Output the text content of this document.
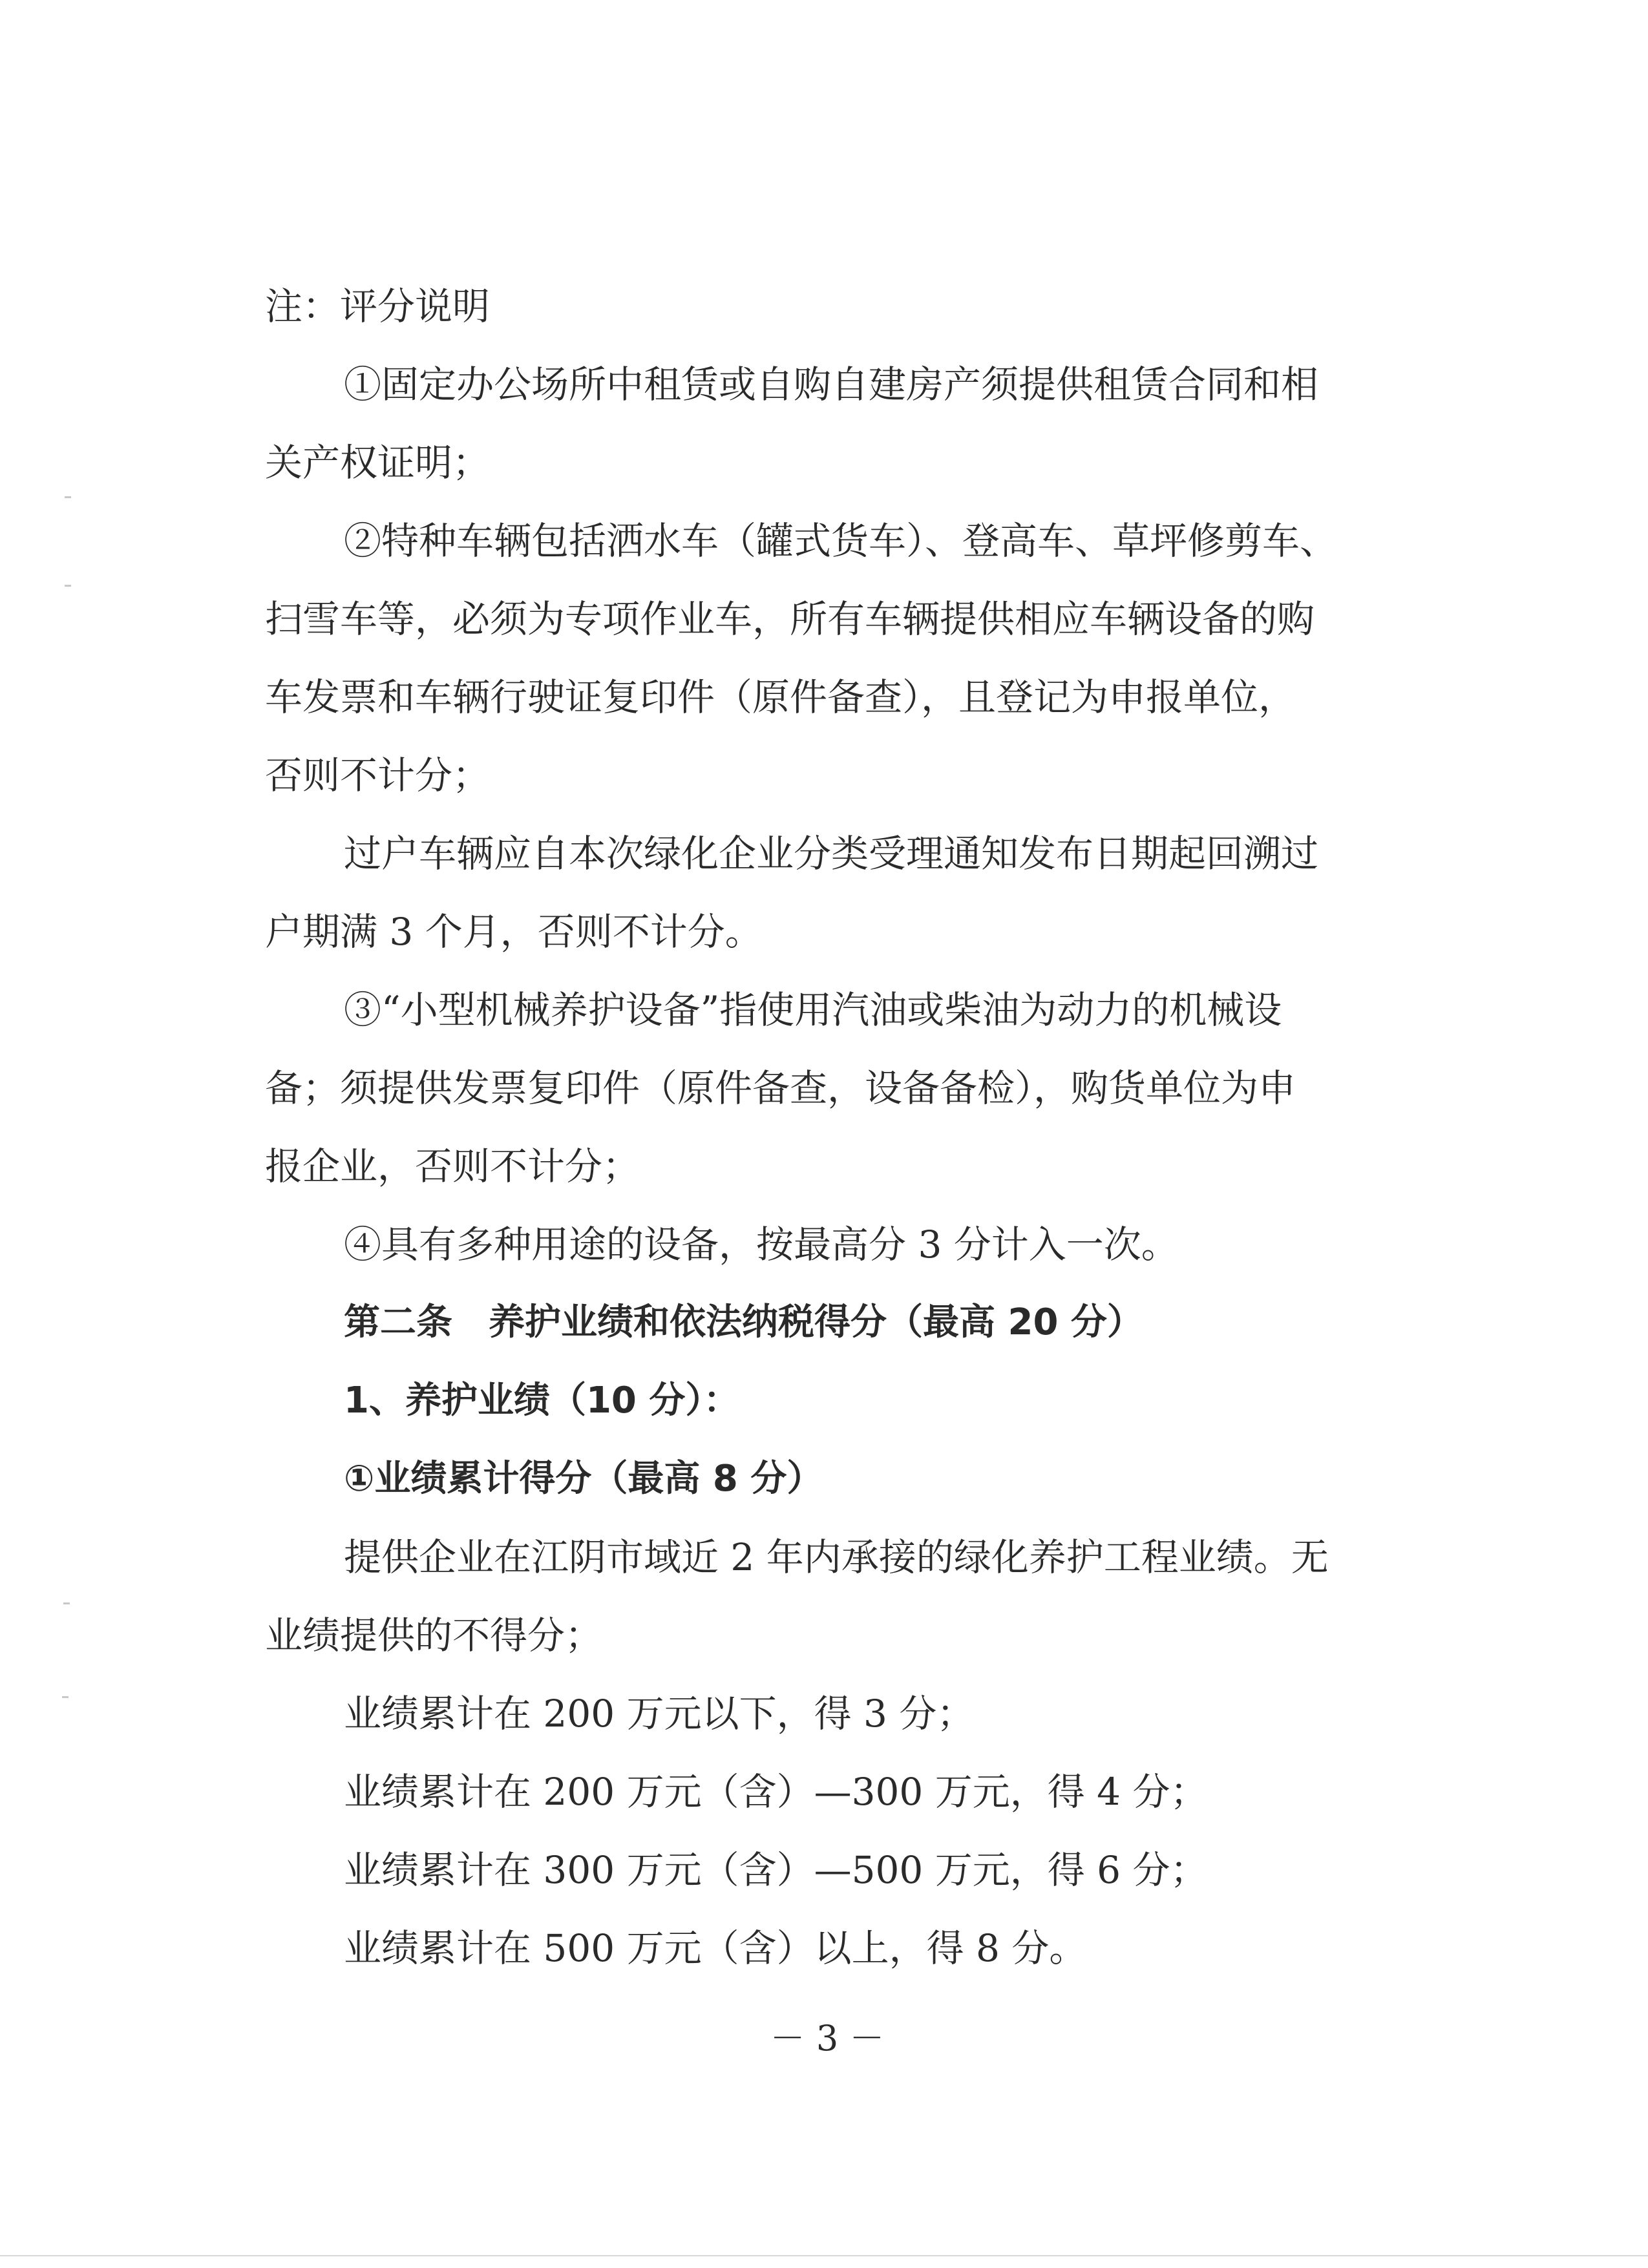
注：评分说明
①固定办公场所中租赁或自购自建房产须提供租赁合同和相
关产权证明；
②特种车辆包括洒水车（罐式货车）、登高车、草坪修剪车、
扫雪车等，必须为专项作业车，所有车辆提供相应车辆设备的购
车发票和车辆行驶证复印件（原件备查），且登记为申报单位，
否则不计分；
过户车辆应自本次绿化企业分类受理通知发布日期起回溯过
户期满 3 个月，否则不计分。
③“小型机械养护设备”指使用汽油或柴油为动力的机械设
备；须提供发票复印件（原件备查，设备备检），购货单位为申
报企业，否则不计分；
④具有多种用途的设备，按最高分 3 分计入一次。
第二条　养护业绩和依法纳税得分（最高 20 分）
1、养护业绩（10 分）：
①业绩累计得分（最高 8 分）
提供企业在江阴市域近 2 年内承接的绿化养护工程业绩。无
业绩提供的不得分；
业绩累计在 200 万元以下，得 3 分；
业绩累计在 200 万元（含）—300 万元，得 4 分；
业绩累计在 300 万元（含）—500 万元，得 6 分；
业绩累计在 500 万元（含）以上，得 8 分。
－ 3 －
